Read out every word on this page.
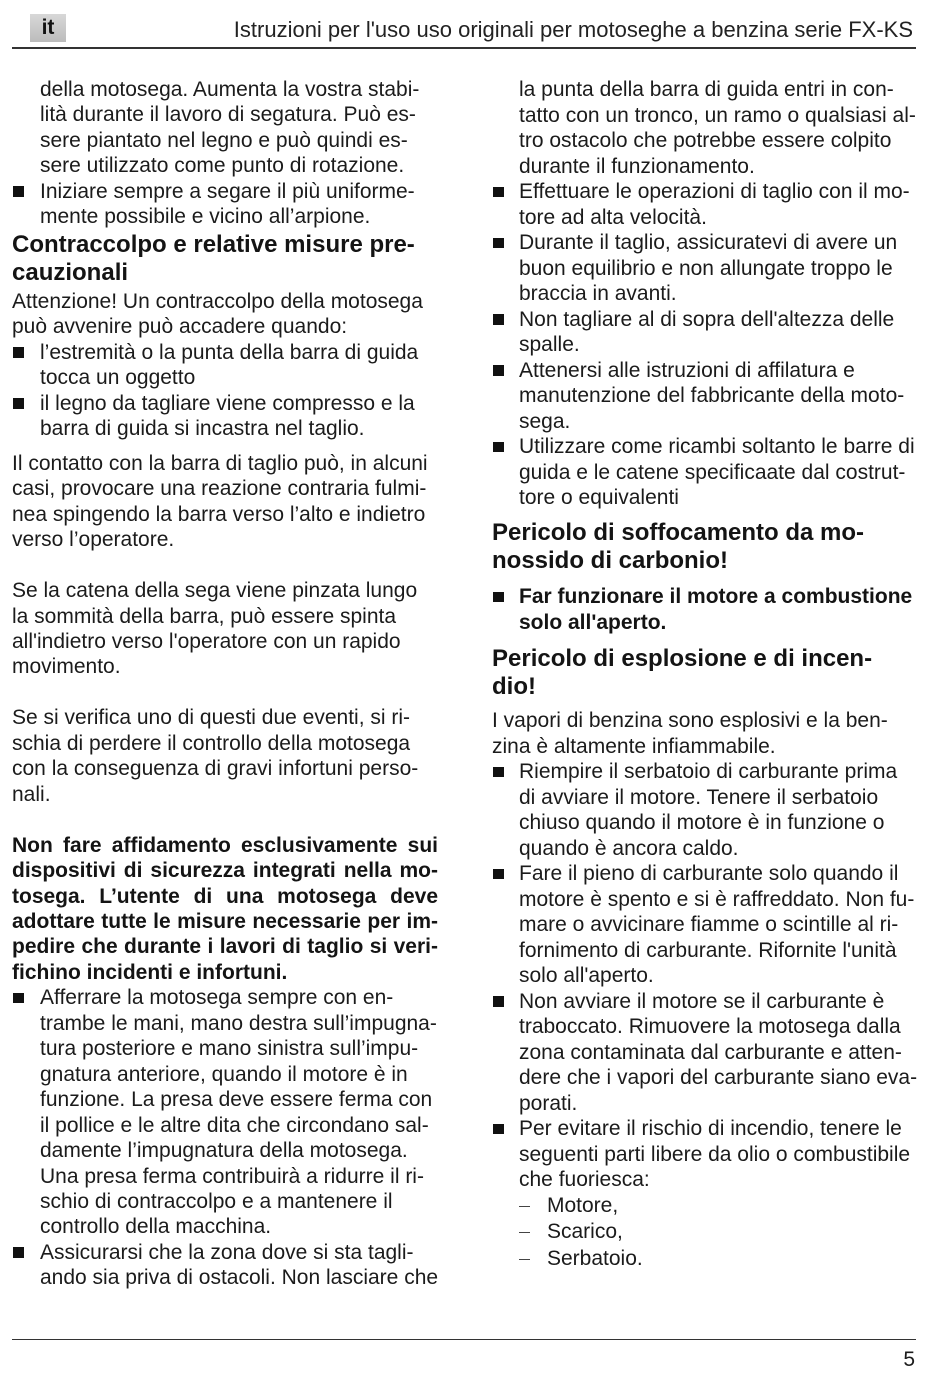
it	Istruzioni per l'uso uso originali per motoseghe a benzina serie FX-KS
della motosega. Aumenta la vostra stabi-
lità durante il lavoro di segatura. Può es-
sere piantato nel legno e può quindi es-
sere utilizzato come punto di rotazione.
Iniziare sempre a segare il più uniforme-
mente possibile e vicino all’arpione.
Contraccolpo e relative misure pre-
cauzionali
Attenzione! Un contraccolpo della motosega
può avvenire può accadere quando:
l’estremità o la punta della barra di guida
tocca un oggetto
il legno da tagliare viene compresso e la
barra di guida si incastra nel taglio.
Il contatto con la barra di taglio può, in alcuni
casi, provocare una reazione contraria fulmi-
nea spingendo la barra verso l’alto e indietro
verso l’operatore.
Se la catena della sega viene pinzata lungo
la sommità della barra, può essere spinta
all'indietro verso l'operatore con un rapido
movimento.
Se si verifica uno di questi due eventi, si ri-
schia di perdere il controllo della motosega
con la conseguenza di gravi infortuni perso-
nali.
Non fare affidamento esclusivamente sui
dispositivi di sicurezza integrati nella mo-
tosega. L’utente di una motosega deve
adottare tutte le misure necessarie per im-
pedire che durante i lavori di taglio si veri-
fichino incidenti e infortuni.
Afferrare la motosega sempre con en-
trambe le mani, mano destra sull’impugna-
tura posteriore e mano sinistra sull’impu-
gnatura anteriore, quando il motore è in
funzione. La presa deve essere ferma con
il pollice e le altre dita che circondano sal-
damente l’impugnatura della motosega.
Una presa ferma contribuirà a ridurre il ri-
schio di contraccolpo e a mantenere il
controllo della macchina.
Assicurarsi che la zona dove si sta tagli-
ando sia priva di ostacoli. Non lasciare che
la punta della barra di guida entri in con-
tatto con un tronco, un ramo o qualsiasi al-
tro ostacolo che potrebbe essere colpito
durante il funzionamento.
Effettuare le operazioni di taglio con il mo-
tore ad alta velocità.
Durante il taglio, assicuratevi di avere un
buon equilibrio e non allungate troppo le
braccia in avanti.
Non tagliare al di sopra dell'altezza delle
spalle.
Attenersi alle istruzioni di affilatura e
manutenzione del fabbricante della moto-
sega.
Utilizzare come ricambi soltanto le barre di
guida e le catene specificaate dal costrut-
tore o equivalenti
Pericolo di soffocamento da mo-
nossido di carbonio!
Far funzionare il motore a combustione
solo all'aperto.
Pericolo di esplosione e di incen-
dio!
I vapori di benzina sono esplosivi e la ben-
zina è altamente infiammabile.
Riempire il serbatoio di carburante prima
di avviare il motore. Tenere il serbatoio
chiuso quando il motore è in funzione o
quando è ancora caldo.
Fare il pieno di carburante solo quando il
motore è spento e si è raffreddato. Non fu-
mare o avvicinare fiamme o scintille al ri-
fornimento di carburante. Rifornite l'unità
solo all'aperto.
Non avviare il motore se il carburante è
traboccato. Rimuovere la motosega dalla
zona contaminata dal carburante e atten-
dere che i vapori del carburante siano eva-
porati.
Per evitare il rischio di incendio, tenere le
seguenti parti libere da olio o combustibile
che fuoriesca:
Motore,
Scarico,
Serbatoio.
5
